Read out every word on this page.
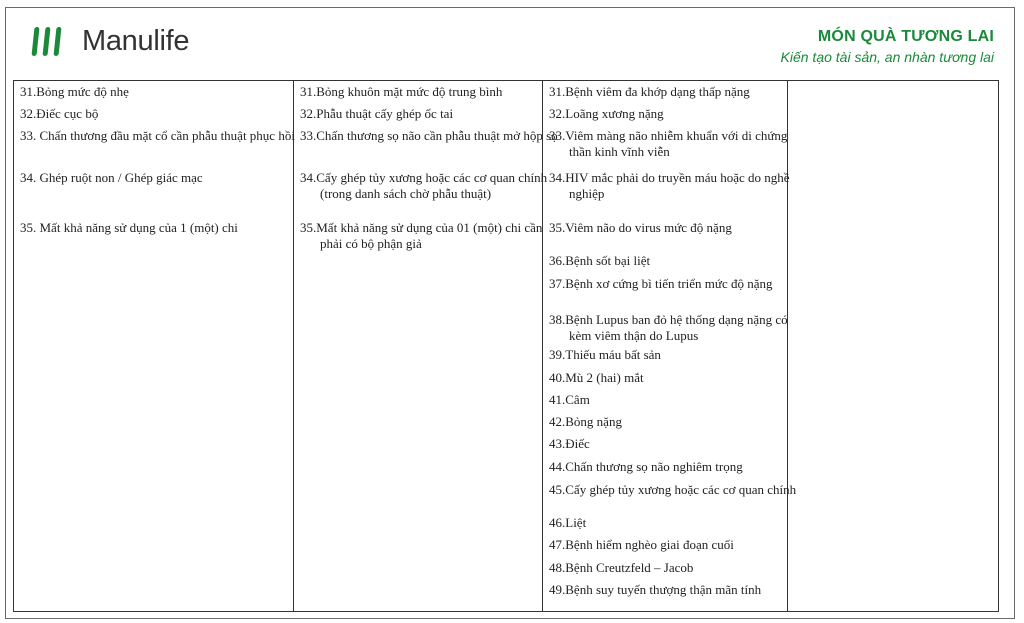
Manulife	MÓN QUÀ TƯƠNG LAI
Kiến tạo tài sản, an nhàn tương lai
31.Bỏng mức độ nhẹ
32.Điếc cục bộ
33. Chấn thương đầu mặt cổ cần phẫu thuật phục hồi
34. Ghép ruột non / Ghép giác mạc
35. Mất khả năng sử dụng của 1 (một) chi
31.Bỏng khuôn mặt mức độ trung bình
32.Phẫu thuật cấy ghép ốc tai
33.Chấn thương sọ não cần phẫu thuật mở hộp sọ
34.Cấy ghép tủy xương hoặc các cơ quan chính (trong danh sách chờ phẫu thuật)
35.Mất khả năng sử dụng của 01 (một) chi cần phải có bộ phận giả
31.Bệnh viêm đa khớp dạng thấp nặng
32.Loãng xương nặng
33.Viêm màng não nhiễm khuẩn với di chứng thần kinh vĩnh viễn
34.HIV mắc phải do truyền máu hoặc do nghề nghiệp
35.Viêm não do virus mức độ nặng
36.Bệnh sốt bại liệt
37.Bệnh xơ cứng bì tiến triển mức độ nặng
38.Bệnh Lupus ban đỏ hệ thống dạng nặng có kèm viêm thận do Lupus
39.Thiếu máu bất sản
40.Mù 2 (hai) mắt
41.Câm
42.Bỏng nặng
43.Điếc
44.Chấn thương sọ não nghiêm trọng
45.Cấy ghép tủy xương hoặc các cơ quan chính
46.Liệt
47.Bệnh hiểm nghèo giai đoạn cuối
48.Bệnh Creutzfeld – Jacob
49.Bệnh suy tuyến thượng thận mãn tính
